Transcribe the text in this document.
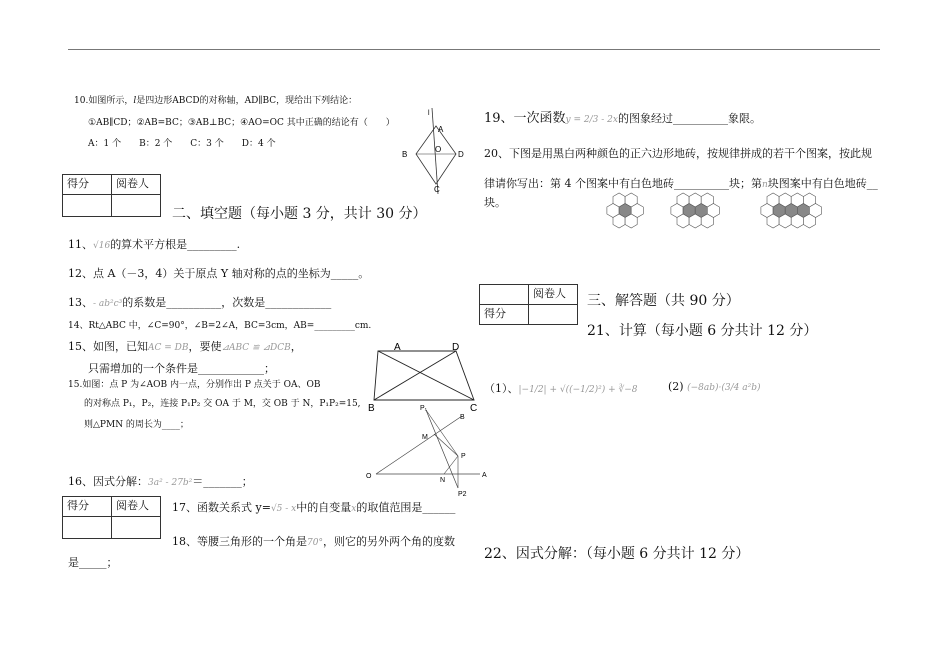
10.如图所示，l是四边形ABCD的对称轴，AD∥BC，现给出下列结论：
①AB∥CD；②AB=BC；③AB⊥BC；④AO=OC 其中正确的结论有（　　）
A：1 个　　B：2 个　　C：3 个　　D：4 个
l
A
B	D
C
O
得分	阅卷人

二、填空题（每小题 3 分，共计 30 分）
11、√16的算术平方根是_________.
12、点 A（－3，4）关于原点 Y 轴对称的点的坐标为_____。
13、- ab²c³的系数是__________，次数是____________
14、Rt△ABC 中，∠C=90°，∠B=2∠A，BC=3cm，AB=_________cm.
15、如图，已知AC = DB，要使⊿ABC ≌ ⊿DCB，
只需增加的一个条件是____________；
A	D
B	C
15.如图：点 P 为∠AOB 内一点，分别作出 P 点关于 OA、OB
的对称点 P₁，P₂，连接 P₁P₂ 交 OA 于 M，交 OB 于 N，P₁P₂=15,
则△PMN 的周长为____；
P₁
B
M
P
O
N
A
P2
16、因式分解：3a² - 27b²＝_______；
得分	阅卷人
	17、函数关系式 y=√5 - x中的自变量x的取值范围是______
18、等腰三角形的一个角是70°，则它的另外两个角的度数
是_____；
19、一次函数y = 2/3 - 2x的图象经过__________象限。
20、下图是用黑白两种颜色的正六边形地砖，按规律拼成的若干个图案，按此规
律请你写出：第 4 个图案中有白色地砖__________块；第n块图案中有白色地砖__
块。
	阅卷人
得分	
三、解答题（共 90 分）
21、计算（每小题 6 分共计 12 分）
（1）、|−1/2| + √((−1/2)²) + ∛−8	(2) (−8ab)·(3/4 a²b)
22、因式分解：（每小题 6 分共计 12 分）
